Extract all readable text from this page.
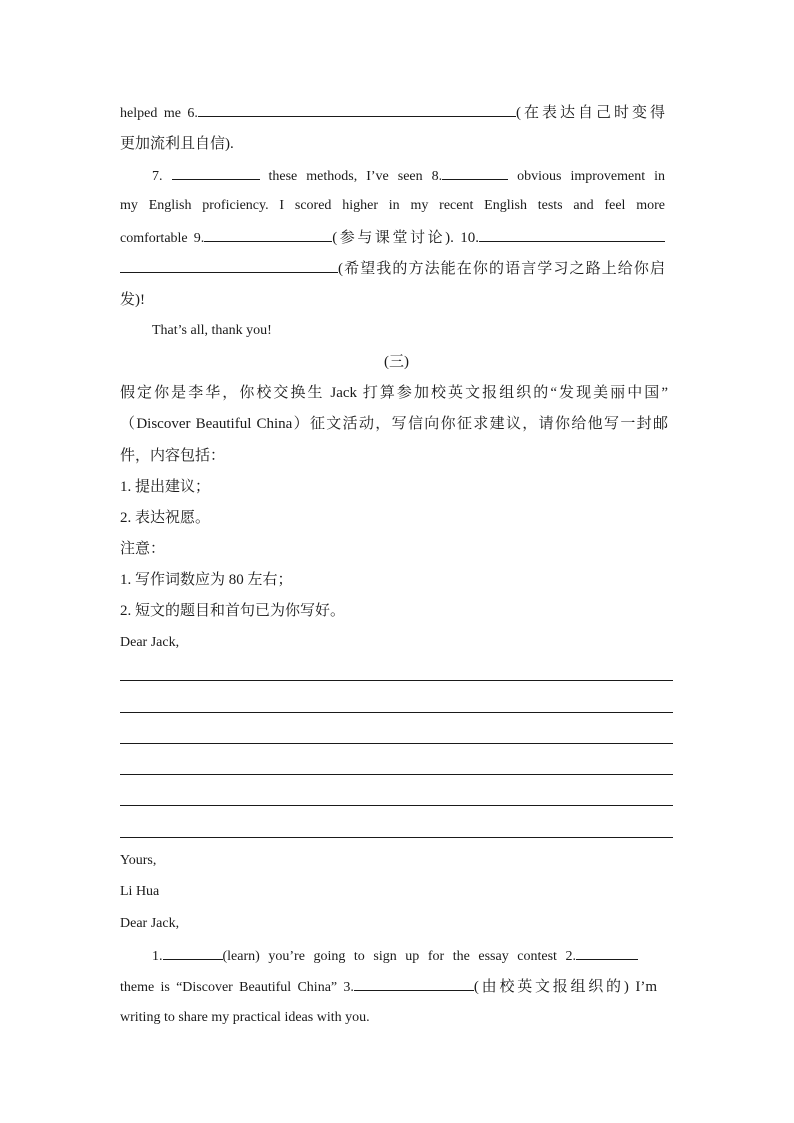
helped me 6.	(在表达自己时变得
更加流利且自信).
7.	these methods, I’ve seen 8.	obvious improvement in
my English proficiency. I scored higher in my recent English tests and feel more
comfortable 9.	(参与课堂讨论). 10.
(希望我的方法能在你的语言学习之路上给你启
发)!
That’s all, thank you!
(三)
假定你是李华，你校交换生 Jack 打算参加校英文报组织的“发现美丽中国”
（Discover Beautiful China）征文活动，写信向你征求建议，请你给他写一封邮
件，内容包括：
1. 提出建议；
2. 表达祝愿。
注意：
1. 写作词数应为 80 左右；
2. 短文的题目和首句已为你写好。
Dear Jack,
Yours,
Li Hua
Dear Jack,
1.	(learn) you’re going to sign up for the essay contest 2.
theme is “Discover Beautiful China” 3.	(由校英文报组织的) I’m
writing to share my practical ideas with you.
